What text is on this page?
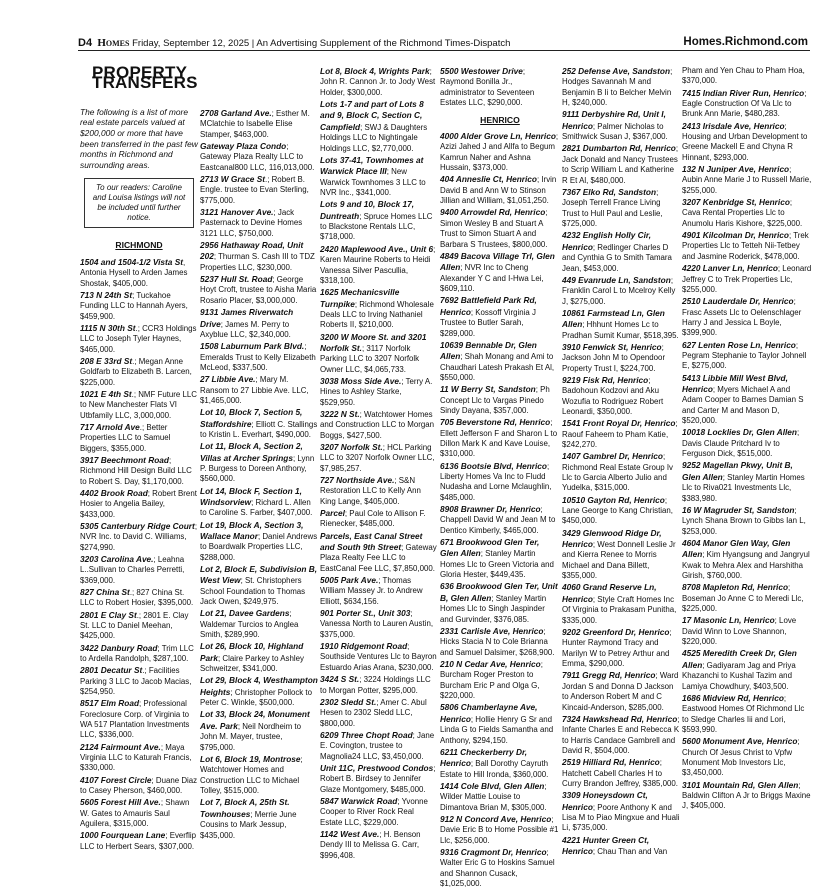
D4 Homes Friday, September 12, 2025 | An Advertising Supplement of the Richmond Times-Dispatch	Homes.Richmond.com
PROPERTY TRANSFERS
The following is a list of more real estate parcels valued at $200,000 or more that have been transferred in the past few months in Richmond and surrounding areas.
To our readers: Caroline and Louisa listings will not be included until further notice.
RICHMOND
1504 and 1504-1/2 Vista St, Antonia Hysell to Arden James Shostak, $405,000.
713 N 24th St; Tuckahoe Funding LLC to Hannah Ayers, $459,900.
1115 N 30th St.; CCR3 Holdings LLC to Joseph Tyler Haynes, $465,000.
208 E 33rd St.; Megan Anne Goldfarb to Elizabeth B. Larcen, $225,000.
1021 E 4th St.; NMF Future LLC to New Manchester Flats VI Utbfamily LLC, 3,000,000.
717 Arnold Ave.; Better Properties LLC to Samuel Biggers, $355,000.
3917 Beechmont Road; Richmond Hill Design Build LLC to Robert S. Day, $1,170,000.
4402 Brook Road; Robert Brent Hosier to Angelia Bailey, $433,000.
5305 Canterbury Ridge Court; NVR Inc. to David C. Williams, $274,990.
3203 Carolina Ave.; Leahna L..Sullivan to Charles Perretti, $369,000.
827 China St.; 827 China St. LLC to Robert Hosier, $395,000.
2801 E Clay St.; 2801 E. Clay St. LLC to Daniel Meehan, $425,000.
3422 Danbury Road; Trim LLC to Ardella Randolph, $287,100.
2801 Decatur St.; Facilities Parking 3 LLC to Jacob Macias, $254,950.
8517 Elm Road; Professional Foreclosure Corp. of Virginia to WA 517 Plantation Investments LLC, $336,000.
2124 Fairmount Ave.; Maya Virginia LLC to Katurah Francis, $330,000.
4107 Forest Circle; Duane Diaz to Casey Pherson, $460,000.
5605 Forest Hill Ave.; Shawn W. Gates to Amauris Saul Aguilera, $315,000.
1000 Fourquean Lane; Everflip LLC to Herbert Sears, $307,000.
2708 Garland Ave.; Esther M. MClatchie to Isabelle Elise Stamper, $463,000.
Gateway Plaza Condo; Gateway Plaza Realty LLC to Eastcanal800 LLC, 116,013,000.
2713 W Grace St.; Robert B. Engle. trustee to Evan Sterling, $775,000.
3121 Hanover Ave.; Jack Pasternack to Devine Homes 3121 LLC, $750,000.
2956 Hathaway Road, Unit 202; Thurman S. Cash III to TDZ Properties LLC, $230,000.
5237 Hull St. Road; George Hoyt Croft, trustee to Aisha Maria Rosario Placer, $3,000,000.
9131 James Riverwatch Drive; James M. Perry to Axyblue LLC, $2,340,000.
1508 Laburnum Park Blvd.; Emeralds Trust to Kelly Elizabeth McLeod, $337,500.
27 Libbie Ave.; Mary M. Ransom to 27 Libbie Ave. LLC, $1,465,000.
Lot 10, Block 7, Section 5, Staffordshire; Elliott C. Stallings to Kristin L. Everhart, $490,000.
Lot 11, Block A, Section 2, Villas at Archer Springs; Lynn P. Burgess to Doreen Anthony, $560,000.
Lot 14, Block F, Section 1, Windsorview; Richard L. Allen to Caroline S. Farber, $407,000.
Lot 19, Block A, Section 3, Wallace Manor; Daniel Andrews to Boardwalk Properties LLC, $288,000.
Lot 2, Block E, Subdivision B, West View; St. Christophers School Foundation to Thomas Jack Owen, $249,975.
Lot 21, Davee Gardens; Waldemar Turcios to Anglea Smith, $289,990.
Lot 26, Block 10, Highland Park; Claire Parkey to Ashley Schweitzer, $341,000.
Lot 29, Block 4, Westhampton Heights; Christopher Pollock to Peter C. Winkle, $500,000.
Lot 33, Block 24, Monument Ave. Park; Neil Nordheim to John M. Mayer, trustee, $795,000.
Lot 6, Block 19, Montrose; Watchtower Homes and Construction LLC to Michael Tolley, $515,000.
Lot 7, Block A, 25th St. Townhouses; Merrie June Cousins to Mark Jessup, $435,000.
Lot 8, Block 4, Wrights Park; John R. Cannon Jr. to Jody West Holder, $300,000.
Lots 1-7 and part of Lots 8 and 9, Block C, Section C, Campfield; SWJ & Daughters Holdings LLC to Nightingale Holdings LLC, $2,770,000.
Lots 37-41, Townhomes at Warwick Place III; New Warwick Townhomes 3 LLC to NVR Inc., $341,000.
Lots 9 and 10, Block 17, Duntreath; Spruce Homes LLC to Blackstone Rentals LLC, $718,000.
2420 Maplewood Ave., Unit 6; Karen Maurine Roberts to Heidi Vanessa Silver Pascullia, $318,100.
1625 Mechanicsville Turnpike; Richmond Wholesale Deals LLC to Irving Nathaniel Roberts II, $210,000.
3200 W Moore St. and 3201 Norfolk St.; 3117 Norfolk Parking LLC to 3207 Norfolk Owner LLC, $4,065,733.
3038 Moss Side Ave.; Terry A. Hines to Ashley Starke, $529,950.
3222 N St.; Watchtower Homes and Construction LLC to Morgan Boggs, $427,500.
3207 Norfolk St.; HCL Parking LLC to 3207 Norfolk Owner LLC, $7,985,257.
727 Northside Ave.; S&N Restoration LLC to Kelly Ann King Lange, $405,000.
Parcel; Paul Cole to Allison F. Rienecker, $485,000.
Parcels, East Canal Street and South 9th Street; Gateway Plaza Realty Fee LLC to EastCanal Fee LLC, $7,850,000.
5005 Park Ave.; Thomas William Massey Jr. to Andrew Elliott, $634,156.
901 Porter St., Unit 303; Vanessa North to Lauren Austin, $375,000.
1910 Ridgemont Road; Southside Ventures Llc to Bayron Estuardo Arias Arana, $230,000.
3424 S St.; 3224 Holdings LLC to Morgan Potter, $295,000.
2302 Sledd St.; Amer C. Abul Hesen to 2302 Sledd LLC, $800,000.
6209 Three Chopt Road; Jane E. Covington, trustee to Magnolia24 LLC, $3,450,000.
Unit 11C, Prestwood Condos; Robert B. Birdsey to Jennifer Glaze Montgomery, $485,000.
5847 Warwick Road; Yvonne Cooper to River Rock Real Estate LLC, $229,000.
1142 West Ave.; H. Benson Dendy III to Melissa G. Carr, $996,408.
5500 Westower Drive; Raymond Bonilla Jr., administrator to Seventeen Estates LLC, $290,000.
HENRICO
4000 Alder Grove Ln, Henrico; Azizi Jahed J and Allfa to Begum Kamrun Naher and Ashna Hussain, $373,000.
404 Anneslie Ct, Henrico; Irvin David B and Ann W to Stinson Jillian and William, $1,051,250.
9400 Arrowdel Rd, Henrico; Simon Wesley B and Stuart A Trust to Simon Stuart A and Barbara S Trustees, $800,000.
4849 Bacova Village Trl, Glen Allen; NVR Inc to Cheng Alexander Y C and I-Hwa Lei, $609,110.
7692 Battlefield Park Rd, Henrico; Kossoff Virginia J Trustee to Butler Sarah, $289,000.
10639 Bennable Dr, Glen Allen; Shah Monang and Ami to Chaudhari Latesh Prakash Et Al, $550,000.
11 W Berry St, Sandston; Ph Concept Llc to Vargas Pinedo Sindy Dayana, $357,000.
705 Beverstone Rd, Henrico; Ellett Jefferson F and Sharon L to Dillon Mark K and Kave Louise, $310,000.
6136 Bootsie Blvd, Henrico; Liberty Homes Va Inc to Fludd Nudasha and Lorne Mclaughlin, $485,000.
8908 Brawner Dr, Henrico; Chappell David W and Jean M to Dentico Kimberly, $465,000.
671 Brookwood Glen Ter, Glen Allen; Stanley Martin Homes Llc to Green Victoria and Gloria Hester, $449,435.
636 Brookwood Glen Ter, Unit B, Glen Allen; Stanley Martin Homes Llc to Singh Jaspinder and Gurvinder, $376,085.
2331 Carlisle Ave, Henrico; Hicks Stacia N to Cole Brianna and Samuel Dalsimer, $268,900.
210 N Cedar Ave, Henrico; Burcham Roger Preston to Burcham Eric P and Olga G, $220,000.
5806 Chamberlayne Ave, Henrico; Hollie Henry G Sr and Linda G to Fields Samantha and Anthony, $294,150.
6211 Checkerberry Dr, Henrico; Ball Dorothy Cayruth Estate to Hill Ironda, $360,000.
1414 Cole Blvd, Glen Allen; Wilder Mattie Louise to Dimantova Brian M, $305,000.
912 N Concord Ave, Henrico; Davie Eric B to Home Possible #1 Llc, $256,000.
9316 Cragmont Dr, Henrico; Walter Eric G to Hoskins Samuel and Shannon Cusack, $1,025,000.
252 Defense Ave, Sandston; Hodges Savannah M and Benjamin B Ii to Belcher Melvin H, $240,000.
9111 Derbyshire Rd, Unit I, Henrico; Palmer Nicholas to Smithwick Susan J, $367,000.
2821 Dumbarton Rd, Henrico; Jack Donald and Nancy Trustees to Scrip William L and Katherine R Et Al, $480,000.
7367 Elko Rd, Sandston; Joseph Terrell France Living Trust to Hull Paul and Leslie, $725,000.
4232 English Holly Cir, Henrico; Redlinger Charles D and Cynthia G to Smith Tamara Jean, $453,000.
449 Evanrude Ln, Sandston; Franklin Carol L to Mcelroy Kelly J, $275,000.
10861 Farmstead Ln, Glen Allen; Hhhunt Homes Lc to Pradhan Sumit Kumar, $518,395.
3910 Fenwick St, Henrico; Jackson John M to Opendoor Property Trust I, $224,700.
9219 Fisk Rd, Henrico; Badohoun Kodzovi and Aku Wozufia to Rodriguez Robert Leonardi, $350,000.
1541 Front Royal Dr, Henrico; Raouf Faheem to Pham Katie, $242,270.
1407 Gambrel Dr, Henrico; Richmond Real Estate Group Iv Llc to Garcia Alberto Julio and Yudelka, $315,000.
10510 Gayton Rd, Henrico; Lane George to Kang Christian, $450,000.
3429 Glenwood Ridge Dr, Henrico; West Donnell Leslie Jr and Kierra Renee to Morris Michael and Dana Billett, $355,000.
4060 Grand Reserve Ln, Henrico; Style Craft Homes Inc Of Virginia to Prakasam Punitha, $335,000.
9202 Greenford Dr, Henrico; Hunter Raymond Tracy and Marilyn W to Petrey Arthur and Emma, $290,000.
7911 Gregg Rd, Henrico; Ward Jordan S and Donna D Jackson to Anderson Robert M and C Kincaid-Anderson, $285,000.
7324 Hawkshead Rd, Henrico; Infante Charles E and Rebecca K to Harris Candace Gambrell and David R, $504,000.
2519 Hilliard Rd, Henrico; Hatchett Cabell Charles H to Curry Brandon Jeffrey, $385,000.
3309 Honeysdown Ct, Henrico; Poore Anthony K and Lisa M to Piao Mingxue and Huali Li, $735,000.
4221 Hunter Green Ct, Henrico; Chau Than and Van
Pham and Yen Chau to Pham Hoa, $370,000.
7415 Indian River Run, Henrico; Eagle Construction Of Va Llc to Brunk Ann Marie, $480,283.
2413 Irisdale Ave, Henrico; Housing and Urban Development to Greene Mackell E and Chyna R Hinnant, $293,000.
132 N Juniper Ave, Henrico; Aubin Anne Marie J to Russell Marie, $255,000.
3207 Kenbridge St, Henrico; Cava Rental Properties Llc to Anumolu Haris Kishore, $225,000.
4901 Kilcolman Dr, Henrico; Trek Properties Llc to Tetteh Nii-Tetbey and Jasmine Roderick, $478,000.
4220 Lanver Ln, Henrico; Leonard Jeffrey C to Trek Properties Llc, $255,000.
2510 Lauderdale Dr, Henrico; Frasc Assets Llc to Oelenschlager Harry J and Jessica L Boyle, $399,900.
627 Lenten Rose Ln, Henrico; Pegram Stephanie to Taylor Johnell E, $275,000.
5413 Libbie Mill West Blvd, Henrico; Myers Michael A and Adam Cooper to Barnes Damian S and Carter M and Mason D, $520,000.
10018 Locklies Dr, Glen Allen; Davis Claude Pritchard Iv to Ferguson Dick, $515,000.
9252 Magellan Pkwy, Unit B, Glen Allen; Stanley Martin Homes Llc to Riva021 Investments Llc, $383,980.
16 W Magruder St, Sandston; Lynch Shana Brown to Gibbs Ian L, $253,000.
4604 Manor Glen Way, Glen Allen; Kim Hyangsung and Jangryul Kwak to Mehra Alex and Harshitha Girish, $760,000.
8708 Mapleton Rd, Henrico; Boseman Jo Anne C to Meredi Llc, $225,000.
17 Masonic Ln, Henrico; Love David Winn to Love Shannon, $220,000.
4525 Meredith Creek Dr, Glen Allen; Gadiyaram Jag and Priya Khazanchi to Kushal Tazim and Lamiya Chowdhury, $403,500.
1686 Midview Rd, Henrico; Eastwood Homes Of Richmond Llc to Sledge Charles Iii and Lori, $593,990.
5600 Monument Ave, Henrico; Church Of Jesus Christ to Vpfw Monument Mob Investors Llc, $3,450,000.
3101 Mountain Rd, Glen Allen; Baldwin Clifton A Jr to Briggs Maxine J, $405,000.
